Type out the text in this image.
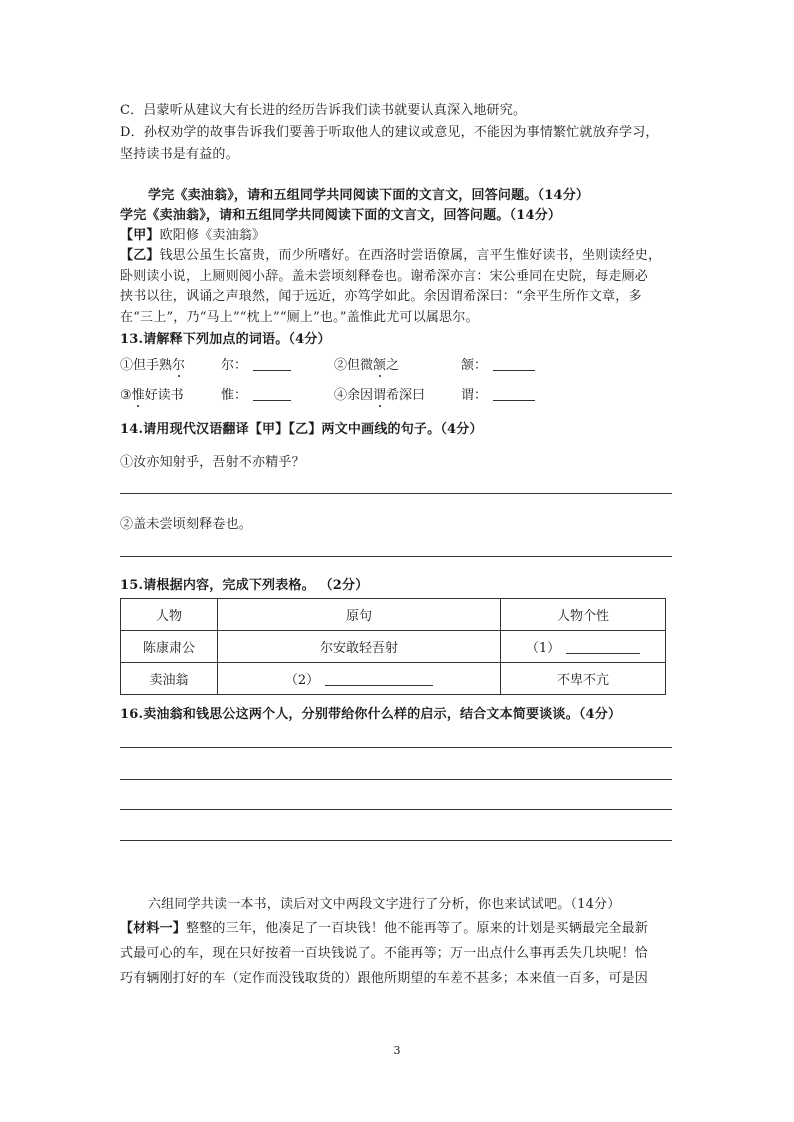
C．吕蒙听从建议大有长进的经历告诉我们读书就要认真深入地研究。
D．孙权劝学的故事告诉我们要善于听取他人的建议或意见，不能因为事情繁忙就放弃学习，
坚持读书是有益的。
学完《卖油翁》，请和五组同学共同阅读下面的文言文，回答问题。（14分）
学完《卖油翁》，请和五组同学共同阅读下面的文言文，回答问题。（14分）
【甲】欧阳修《卖油翁》
【乙】钱思公虽生长富贵，而少所嗜好。在西洛时尝语僚属，言平生惟好读书，坐则读经史，
卧则读小说，上厕则阅小辞。盖未尝顷刻释卷也。谢希深亦言：宋公垂同在史院，每走厕必
挟书以往，讽诵之声琅然，闻于远近，亦笃学如此。余因谓希深曰：“余平生所作文章，多
在“三上”，乃“马上”“枕上”“厕上”也。”盖惟此尤可以属思尔。
13.请解释下列加点的词语。（4分）
①但手熟尔	尔：	②但微颔之	颔：
③惟好读书	惟：	④余因谓希深曰	谓：
14.请用现代汉语翻译【甲】【乙】两文中画线的句子。（4分）
①汝亦知射乎，吾射不亦精乎？
②盖未尝顷刻释卷也。
15.请根据内容，完成下列表格。 （2分）
人物	原句	人物个性
陈康肃公	尔安敢轻吾射	（1）
卖油翁	（2）	不卑不亢
16.卖油翁和钱思公这两个人，分别带给你什么样的启示，结合文本简要谈谈。（4分）
六组同学共读一本书，读后对文中两段文字进行了分析，你也来试试吧。（14分）
【材料一】整整的三年，他凑足了一百块钱！他不能再等了。原来的计划是买辆最完全最新
式最可心的车，现在只好按着一百块钱说了。不能再等；万一出点什么事再丢失几块呢！恰
巧有辆刚打好的车（定作而没钱取货的）跟他所期望的车差不甚多；本来值一百多，可是因
3
